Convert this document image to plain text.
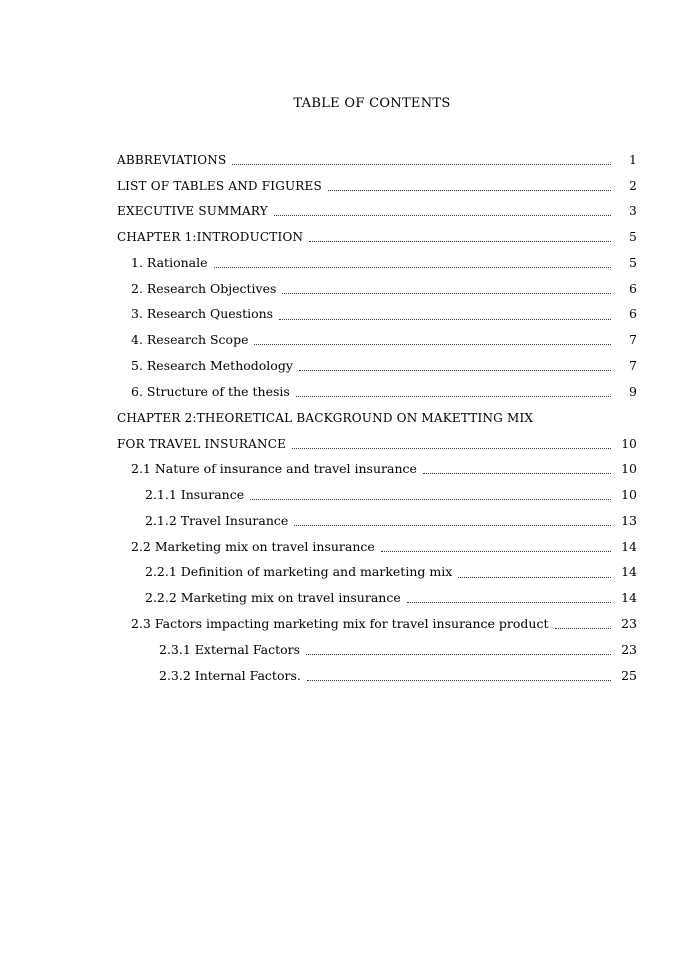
TABLE OF CONTENTS
ABBREVIATIONS	1
LIST OF TABLES AND FIGURES	2
EXECUTIVE SUMMARY	3
CHAPTER 1:INTRODUCTION	5
1. Rationale	5
2. Research Objectives	6
3. Research Questions	6
4. Research Scope	7
5. Research Methodology	7
6. Structure of the thesis	9
CHAPTER 2:THEORETICAL BACKGROUND ON MAKETTING MIX
FOR TRAVEL INSURANCE	10
2.1 Nature of insurance and travel insurance	10
2.1.1 Insurance	10
2.1.2 Travel Insurance	13
2.2 Marketing mix on travel insurance	14
2.2.1 Definition of marketing and marketing mix	14
2.2.2 Marketing mix on travel insurance	14
2.3 Factors impacting marketing mix for travel insurance product	23
2.3.1 External Factors	23
2.3.2 Internal Factors.	25
